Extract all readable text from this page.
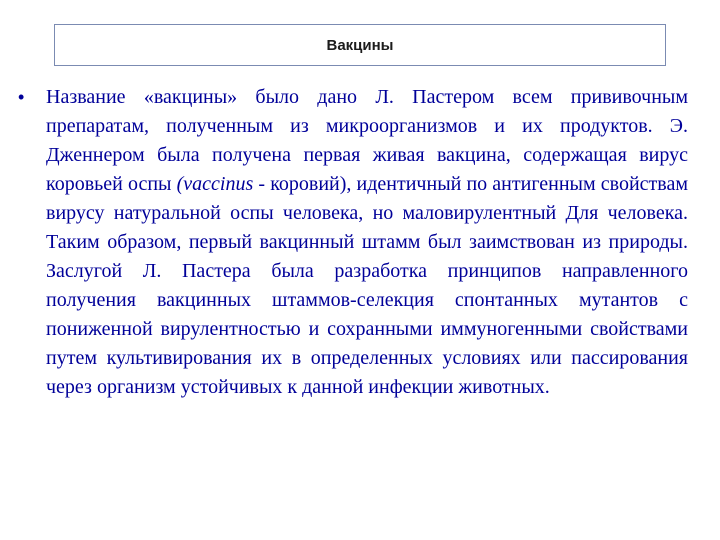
Вакцины
•	Название «вакцины» было дано Л. Пастером всем прививочным препаратам, полученным из микроорганизмов и их продуктов. Э. Дженнером была получена первая живая вакцина, содержащая вирус коровьей оспы (vaccinus - коровий), идентичный по антигенным свойствам вирусу натуральной оспы человека, но маловирулентный Для человека. Таким образом, первый вакцинный штамм был заимствован из природы. Заслугой Л. Пастера была разработка принципов направленного получения вакцинных штаммов-селекция спонтанных мутантов с пониженной вирулентностью и сохранными иммуногенными свойствами путем культивирования их в определенных условиях или пассирования через организм устойчивых к данной инфекции животных.
